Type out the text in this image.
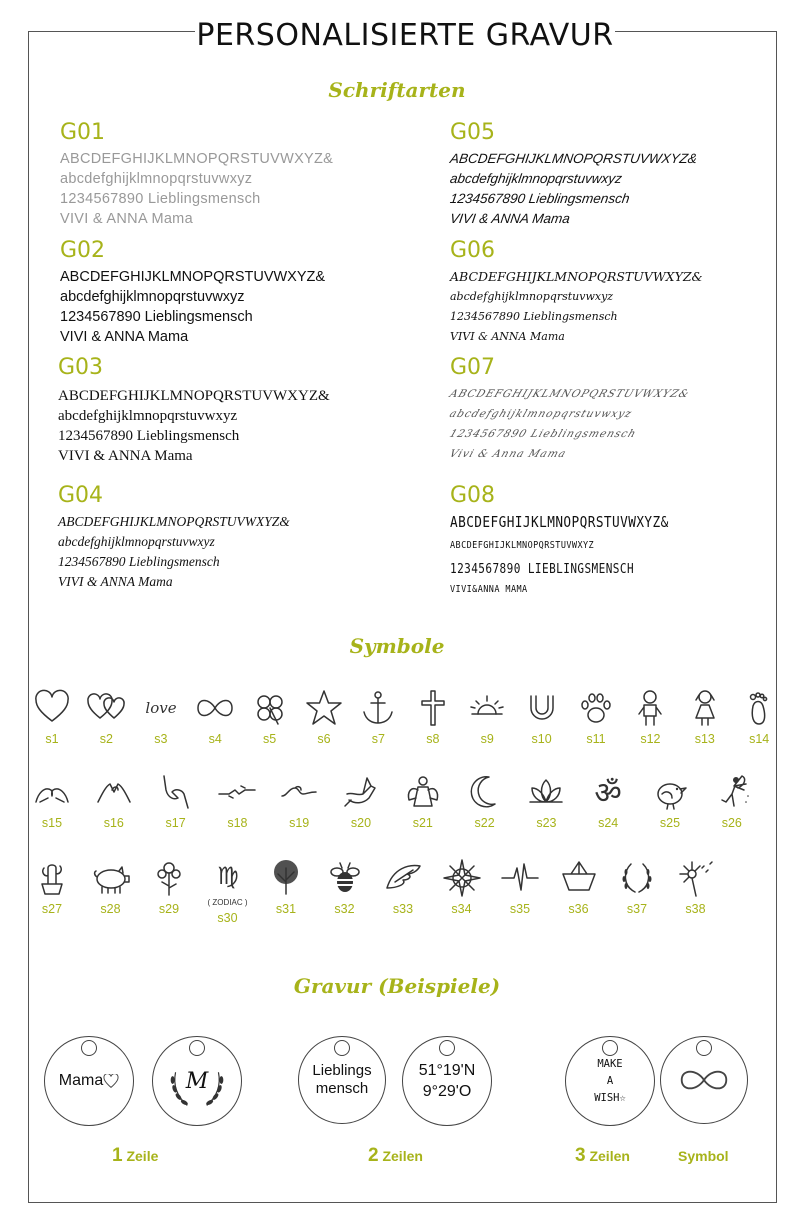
PERSONALISIERTE GRAVUR
Schriftarten
G01
ABCDEFGHIJKLMNOPQRSTUVWXYZ&
abcdefghijklmnopqrstuvwxyz
1234567890 Lieblingsmensch
VIVI & ANNA Mama
G02
ABCDEFGHIJKLMNOPQRSTUVWXYZ&
abcdefghijklmnopqrstuvwxyz
1234567890 Lieblingsmensch
VIVI & ANNA Mama
G03
ABCDEFGHIJKLMNOPQRSTUVWXYZ&
abcdefghijklmnopqrstuvwxyz
1234567890 Lieblingsmensch
VIVI & ANNA Mama
G04
ABCDEFGHIJKLMNOPQRSTUVWXYZ&
abcdefghijklmnopqrstuvwxyz
1234567890 Lieblingsmensch
VIVI & ANNA Mama
G05
ABCDEFGHIJKLMNOPQRSTUVWXYZ&
abcdefghijklmnopqrstuvwxyz
1234567890 Lieblingsmensch
VIVI & ANNA Mama
G06
ABCDEFGHIJKLMNOPQRSTUVWXYZ&
abcdefghijklmnopqrstuvwxyz
1234567890 Lieblingsmensch
VIVI & ANNA Mama
G07
ABCDEFGHIJKLMNOPQRSTUVWXYZ&
abcdefghijklmnopqrstuvwxyz
1234567890 Lieblingsmensch
Vivi & Anna Mama
G08
ABCDEFGHIJKLMNOPQRSTUVWXYZ&
ABCDEFGHIJKLMNOPQRSTUVWXYZ
1234567890 LIEBLINGSMENSCH
VIVI&ANNA MAMA
Symbole
s1	s2
love
s3	s4	s5	s6	s7	s8	s9	s10	s11	s12	s13	s14
s15	s16	s17	s18	s19	s20	s21	s22	s23
ॐ
s24	s25	s26
s27	s28	s29
♍
( ZODIAC )
s30
s31	s32	s33	s34	s35	s36	s37	s38
Gravur (Beispiele)
Mama	M	Lieblings
mensch
51°19'N
9°29'O
MAKE
A
WISH☆
1 Zeile	2 Zeilen	3 Zeilen	Symbol
